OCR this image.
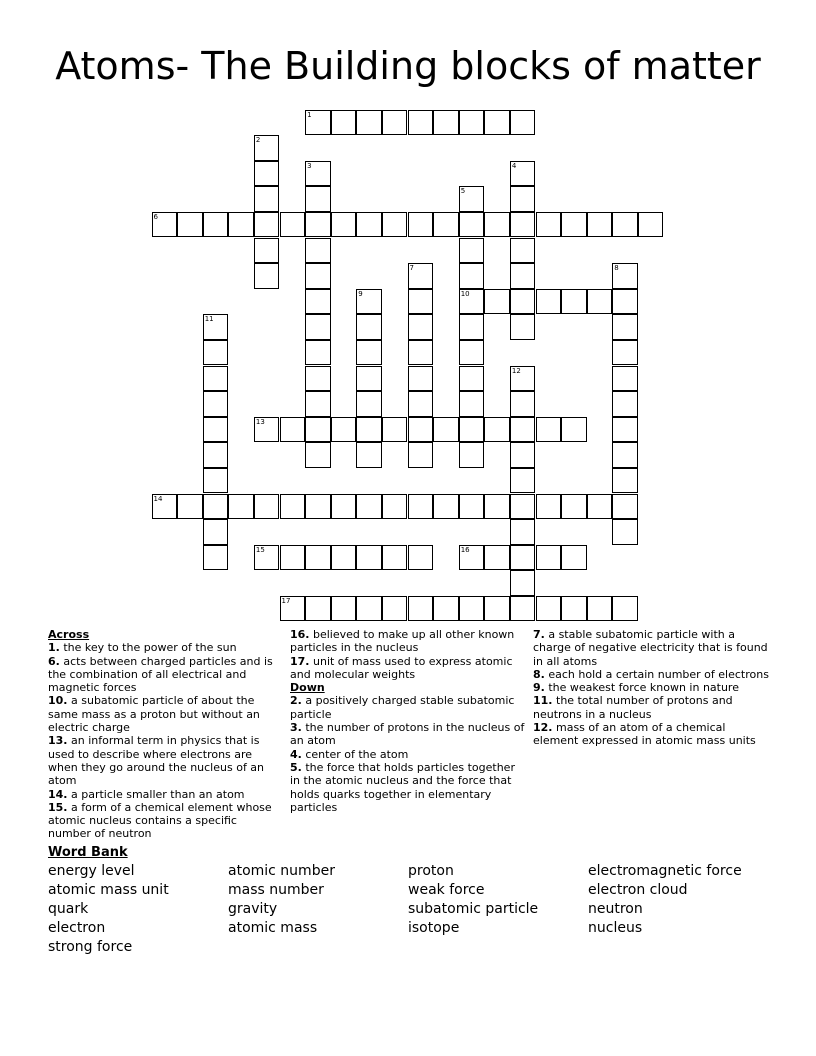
Atoms- The Building blocks of matter
1
2
3	4
5
10
6
7	8
9
11
12
13
14
15	16
17

Across

1. the key to the power of the sun

6. acts between charged particles and is the combination of all electrical and magnetic forces

10. a subatomic particle of about the same mass as a proton but without an electric charge

13. an informal term in physics that is used to describe where electrons are when they go around the nucleus of an atom

14. a particle smaller than an atom

15. a form of a chemical element whose atomic nucleus contains a specific number of neutron

16. believed to make up all other known particles in the nucleus

17. unit of mass used to express atomic and molecular weights

Down

2. a positively charged stable subatomic particle

3. the number of protons in the nucleus of an atom

4. center of the atom

5. the force that holds particles together in the atomic nucleus and the force that holds quarks together in elementary particles

7. a stable subatomic particle with a charge of negative electricity that is found in all atoms

8. each hold a certain number of electrons

9. the weakest force known in nature

11. the total number of protons and neutrons in a nucleus

12. mass of an atom of a chemical element expressed in atomic mass units

Word Bank

energy level	atomic number	proton	electromagnetic force
atomic mass unit	mass number	weak force	electron cloud
quark	gravity	subatomic particle	neutron
electron	atomic mass	isotope	nucleus
strong force
